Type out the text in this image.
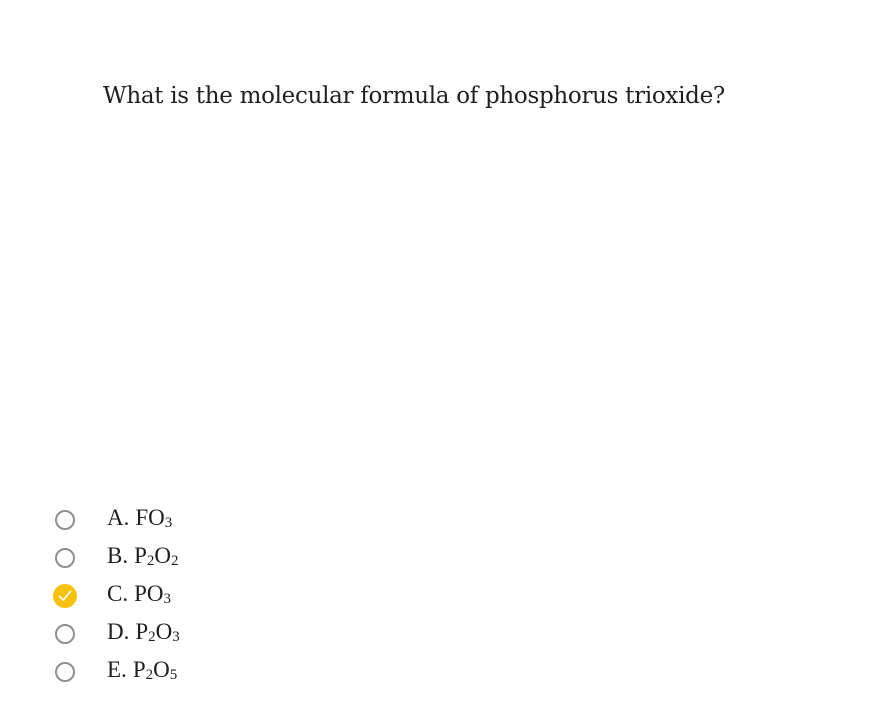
What is the molecular formula of phosphorus trioxide?
A. $FO_3$
B. $P_2O_2$
C. $PO_3$
D. $P_2O_3$
E. $P_2O_5$
